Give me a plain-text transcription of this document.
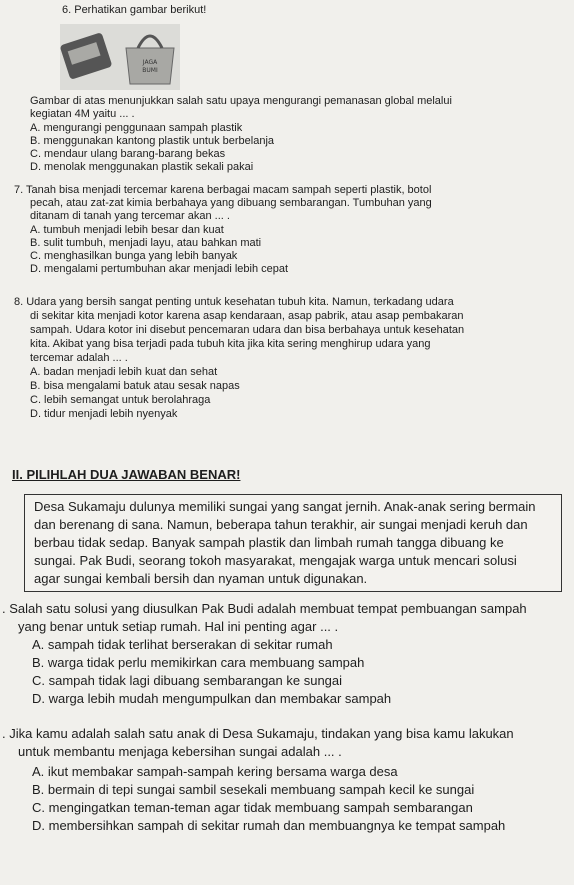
6. Perhatikan gambar berikut!
JAGA
BUMI
Gambar di atas menunjukkan salah satu upaya mengurangi pemanasan global melalui
kegiatan 4M yaitu ... .
A. mengurangi penggunaan sampah plastik
B. menggunakan kantong plastik untuk berbelanja
C. mendaur ulang barang-barang bekas
D. menolak menggunakan plastik sekali pakai
7. Tanah bisa menjadi tercemar karena berbagai macam sampah seperti plastik, botol
pecah, atau zat-zat kimia berbahaya yang dibuang sembarangan. Tumbuhan yang
ditanam di tanah yang tercemar akan ... .
A. tumbuh menjadi lebih besar dan kuat
B. sulit tumbuh, menjadi layu, atau bahkan mati
C. menghasilkan bunga yang lebih banyak
D. mengalami pertumbuhan akar menjadi lebih cepat
8. Udara yang bersih sangat penting untuk kesehatan tubuh kita. Namun, terkadang udara
di sekitar kita menjadi kotor karena asap kendaraan, asap pabrik, atau asap pembakaran
sampah. Udara kotor ini disebut pencemaran udara dan bisa berbahaya untuk kesehatan
kita. Akibat yang bisa terjadi pada tubuh kita jika kita sering menghirup udara yang
tercemar adalah ... .
A. badan menjadi lebih kuat dan sehat
B. bisa mengalami batuk atau sesak napas
C. lebih semangat untuk berolahraga
D. tidur menjadi lebih nyenyak
II. PILIHLAH DUA JAWABAN BENAR!
Desa Sukamaju dulunya memiliki sungai yang sangat jernih. Anak-anak sering bermain
dan berenang di sana. Namun, beberapa tahun terakhir, air sungai menjadi keruh dan
berbau tidak sedap. Banyak sampah plastik dan limbah rumah tangga dibuang ke
sungai. Pak Budi, seorang tokoh masyarakat, mengajak warga untuk mencari solusi
agar sungai kembali bersih dan nyaman untuk digunakan.
. Salah satu solusi yang diusulkan Pak Budi adalah membuat tempat pembuangan sampah
yang benar untuk setiap rumah. Hal ini penting agar ... .
A. sampah tidak terlihat berserakan di sekitar rumah
B. warga tidak perlu memikirkan cara membuang sampah
C. sampah tidak lagi dibuang sembarangan ke sungai
D. warga lebih mudah mengumpulkan dan membakar sampah
. Jika kamu adalah salah satu anak di Desa Sukamaju, tindakan yang bisa kamu lakukan
untuk membantu menjaga kebersihan sungai adalah ... .
A. ikut membakar sampah-sampah kering bersama warga desa
B. bermain di tepi sungai sambil sesekali membuang sampah kecil ke sungai
C. mengingatkan teman-teman agar tidak membuang sampah sembarangan
D. membersihkan sampah di sekitar rumah dan membuangnya ke tempat sampah
